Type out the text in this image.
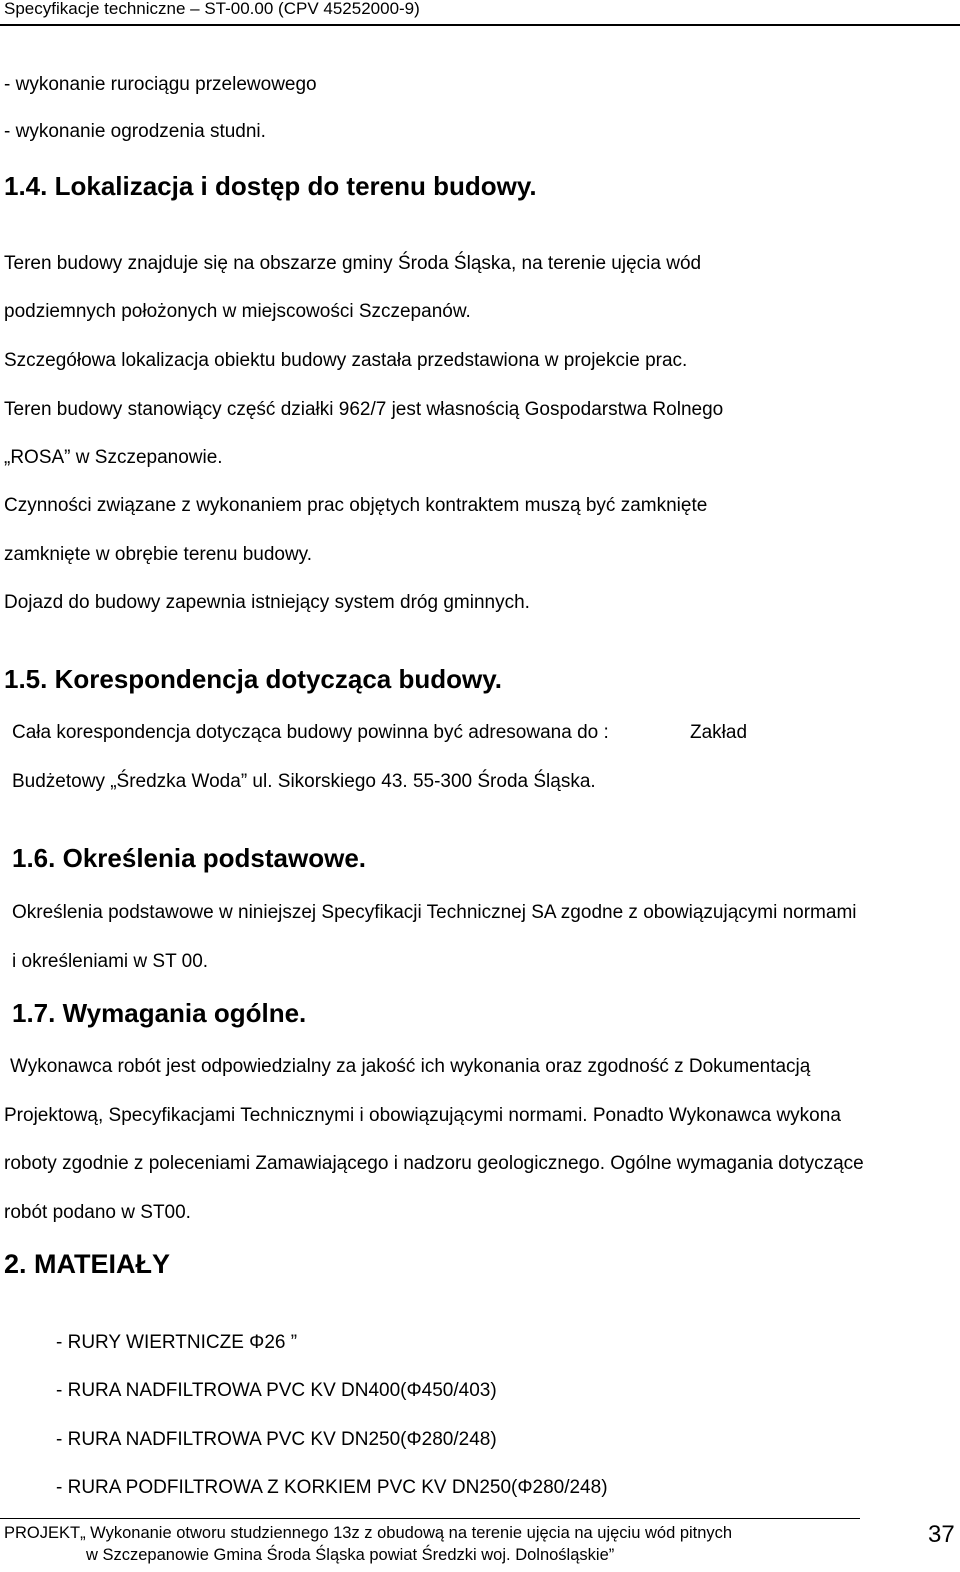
Specyfikacje techniczne – ST-00.00 (CPV 45252000-9)
- wykonanie rurociągu przelewowego
- wykonanie ogrodzenia studni.
1.4. Lokalizacja i dostęp do terenu budowy.
Teren budowy znajduje się na obszarze gminy Środa Śląska, na terenie ujęcia wód
podziemnych położonych w miejscowości Szczepanów.
Szczegółowa lokalizacja obiektu budowy zastała przedstawiona w projekcie prac.
Teren budowy stanowiący część działki 962/7 jest własnością Gospodarstwa Rolnego
„ROSA” w Szczepanowie.
Czynności związane z wykonaniem prac objętych kontraktem muszą być zamknięte
zamknięte w obrębie terenu budowy.
Dojazd do budowy zapewnia istniejący system dróg gminnych.
1.5. Korespondencja dotycząca budowy.
Cała korespondencja dotycząca budowy powinna być adresowana do :	Zakład
Budżetowy „Średzka Woda” ul. Sikorskiego 43. 55-300 Środa Śląska.
1.6. Określenia podstawowe.
Określenia podstawowe w niniejszej Specyfikacji Technicznej SA zgodne z obowiązującymi normami
i określeniami w ST 00.
1.7. Wymagania ogólne.
Wykonawca robót jest odpowiedzialny za jakość ich wykonania oraz zgodność z Dokumentacją
Projektową, Specyfikacjami Technicznymi i obowiązującymi normami. Ponadto Wykonawca wykona
roboty zgodnie z poleceniami Zamawiającego i nadzoru geologicznego. Ogólne wymagania dotyczące
robót podano w ST00.
2. MATEIAŁY
- RURY WIERTNICZE Φ26 ”
- RURA NADFILTROWA PVC KV DN400(Φ450/403)
- RURA NADFILTROWA PVC KV DN250(Φ280/248)
- RURA PODFILTROWA Z KORKIEM PVC KV DN250(Φ280/248)
PROJEKT„ Wykonanie otworu studziennego 13z z obudową na terenie ujęcia na ujęciu wód pitnych
w Szczepanowie Gmina Środa Śląska powiat Średzki woj. Dolnośląskie”
37
